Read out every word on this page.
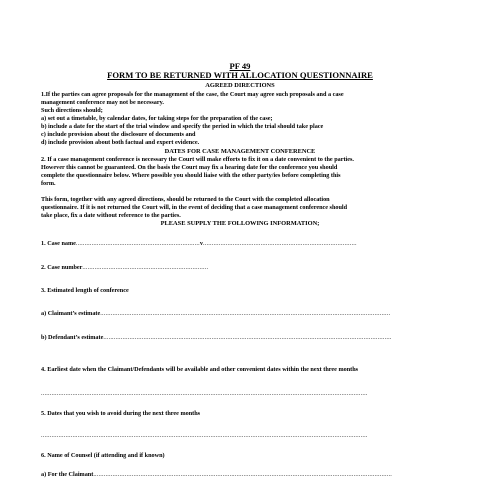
PF 49
FORM TO BE RETURNED WITH ALLOCATION QUESTIONNAIRE
AGREED DIRECTIONS
1.If the parties can agree proposals for the management of the case, the Court may agree such proposals and a case
management conference may not be necessary.
Such directions should;
a) set out a timetable, by calendar dates, for taking steps for the preparation of the case;
b) include a date for the start of the trial window and specify the period in which the trial should take place
c) include provision about the disclosure of documents and
d) include provision about both factual and expert evidence.
DATES FOR CASE MANAGEMENT CONFERENCE
2. If a case management conference is necessary the Court will make efforts to fix it on a date convenient to the parties.
However this cannot be guaranteed. On the basis the Court may fix a hearing date for the conference you should
complete the questionnaire below. Where possible you should liaise with the other party/ies before completing this
form.
This form, together with any agreed directions, should be returned to the Court with the completed allocation
questionnaire. If it is not returned the Court will, in the event of deciding that a case management conference should
take place, fix a date without reference to the parties.
PLEASE SUPPLY THE FOLLOWING INFORMATION;
1. Case name.......................................................................v........................................................................................
2. Case number........................................................................
3. Estimated length of conference
a) Claimant’s estimate......................................................................................................................................................................
b) Defendant’s estimate.....................................................................................................................................................................
4. Earliest date when the Claimant/Defendants will be available and other convenient dates within the next three months
...........................................................................................................................................................................................
5. Dates that you wish to avoid during the next three months
...........................................................................................................................................................................................
6. Name of Counsel (if attending and if known)
a) For the Claimant...........................................................................................................................................................................
